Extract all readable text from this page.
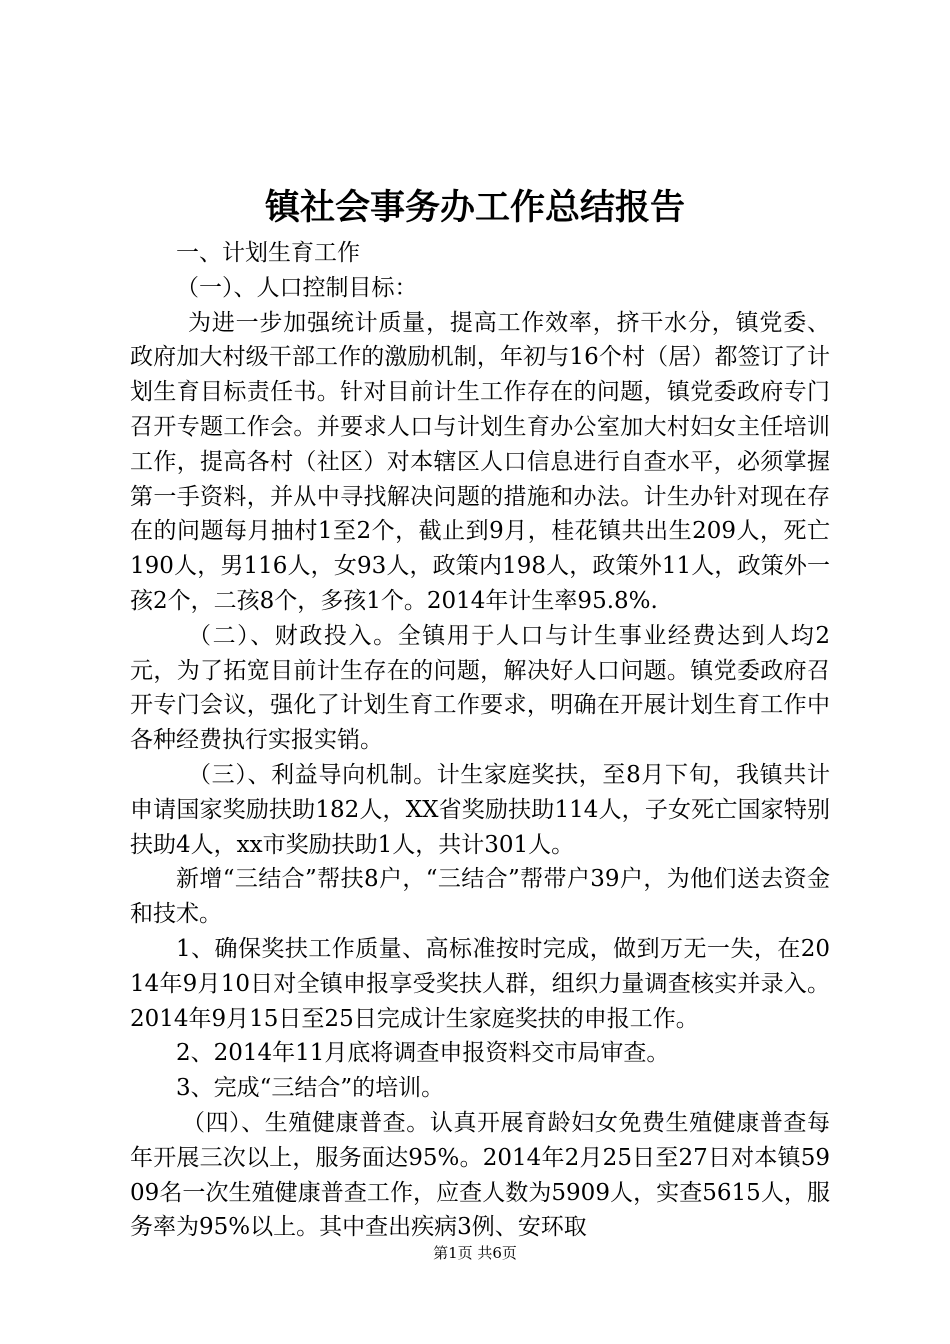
镇社会事务办工作总结报告

一、计划生育工作

（一）、人口控制目标：

为进一步加强统计质量，提高工作效率，挤干水分，镇党委、政府加大村级干部工作的激励机制，年初与16个村（居）都签订了计划生育目标责任书。针对目前计生工作存在的问题，镇党委政府专门召开专题工作会。并要求人口与计划生育办公室加大村妇女主任培训工作，提高各村（社区）对本辖区人口信息进行自查水平，必须掌握第一手资料，并从中寻找解决问题的措施和办法。计生办针对现在存在的问题每月抽村1至2个，截止到9月，桂花镇共出生209人，死亡190人，男116人，女93人，政策内198人，政策外11人，政策外一孩2个，二孩8个，多孩1个。2014年计生率95.8%.

（二）、财政投入。全镇用于人口与计生事业经费达到人均2元，为了拓宽目前计生存在的问题，解决好人口问题。镇党委政府召开专门会议，强化了计划生育工作要求，明确在开展计划生育工作中各种经费执行实报实销。

（三）、利益导向机制。计生家庭奖扶，至8月下旬，我镇共计申请国家奖励扶助182人，XX省奖励扶助114人，子女死亡国家特别扶助4人，xx市奖励扶助1人，共计301人。

新增“三结合”帮扶8户，“三结合”帮带户39户，为他们送去资金和技术。

1、确保奖扶工作质量、高标准按时完成，做到万无一失，在2014年9月10日对全镇申报享受奖扶人群，组织力量调查核实并录入。2014年9月15日至25日完成计生家庭奖扶的申报工作。

2、2014年11月底将调查申报资料交市局审查。

3、完成“三结合”的培训。

（四）、生殖健康普查。认真开展育龄妇女免费生殖健康普查每年开展三次以上，服务面达95%。2014年2月25日至27日对本镇5909名一次生殖健康普查工作，应查人数为5909人，实查5615人，服务率为95%以上。其中查出疾病3例、安环取

第1页 共6页
